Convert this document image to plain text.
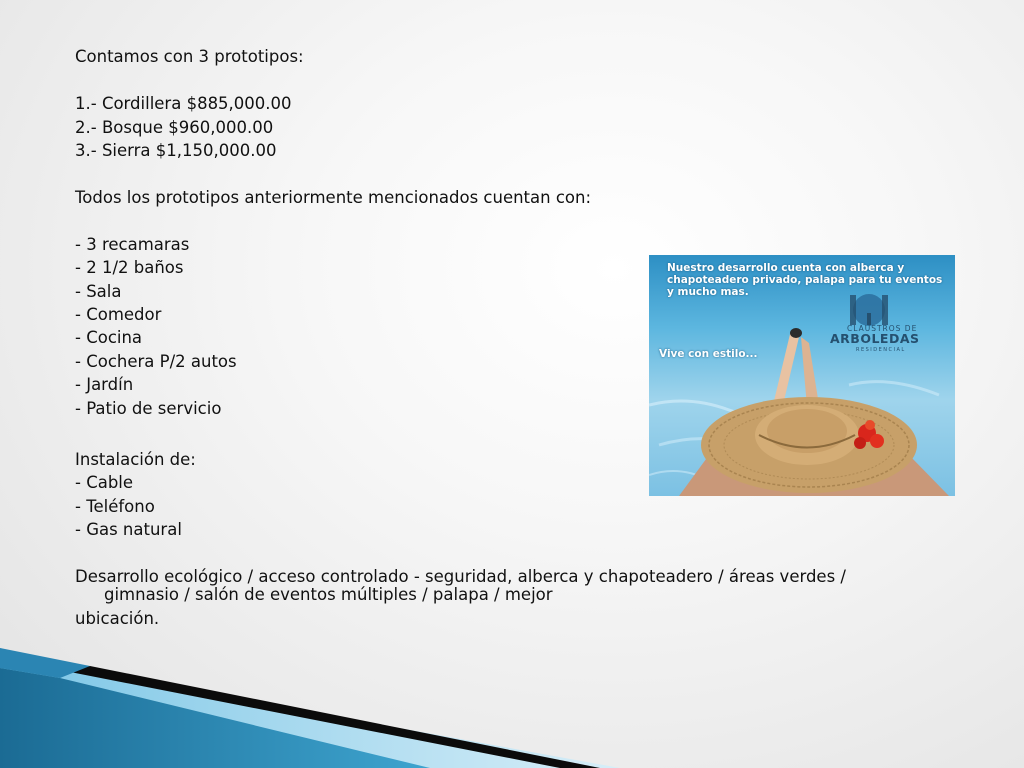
Contamos con 3 prototipos:
1.- Cordillera $885,000.00
2.- Bosque $960,000.00
3.- Sierra $1,150,000.00
Todos los prototipos anteriormente mencionados cuentan con:
- 3 recamaras
- 2 1/2 baños
- Sala
- Comedor
- Cocina
- Cochera P/2 autos
- Jardín
- Patio de servicio
Instalación de:
- Cable
- Teléfono
- Gas natural
Desarrollo ecológico / acceso controlado - seguridad, alberca y chapoteadero / áreas verdes /
gimnasio / salón de eventos múltiples / palapa / mejor
ubicación.
Nuestro desarrollo cuenta con alberca y chapoteadero privado, palapa para tu eventos y mucho mas.
Vive con estilo...
CLAUSTROS DE
ARBOLEDAS
RESIDENCIAL
